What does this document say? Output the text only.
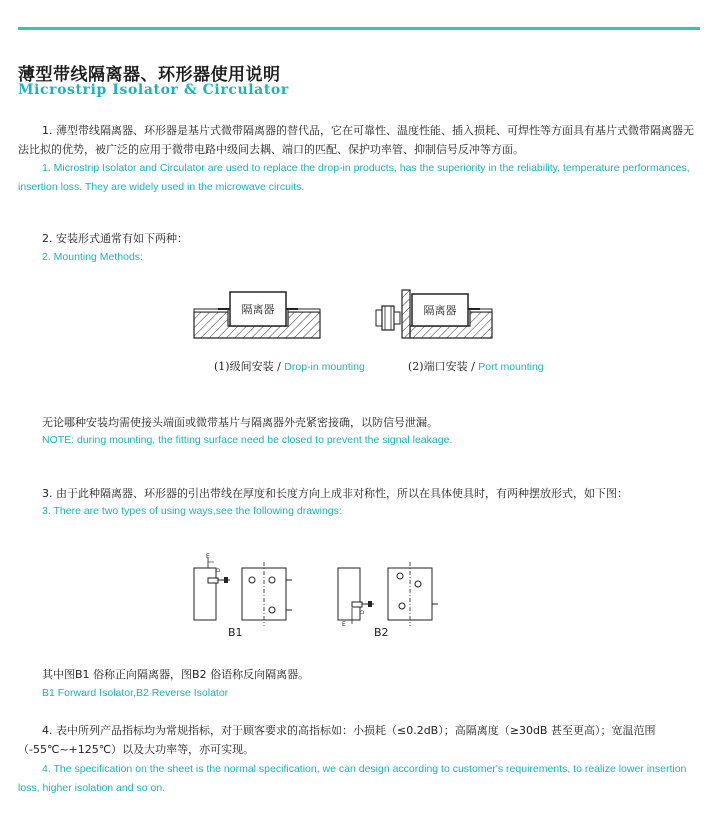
薄型带线隔离器、环形器使用说明
Microstrip Isolator & Circulator
1. 薄型带线隔离器、环形器是基片式微带隔离器的替代品，它在可靠性、温度性能、插入损耗、可焊性等方面具有基片式微带隔离器无法比拟的优势，被广泛的应用于微带电路中级间去耦、端口的匹配、保护功率管、抑制信号反冲等方面。
1. Microstrip Isolator and Circulator are used to replace the drop-in products, has the superiority in the reliability, temperature performances, insertion loss. They are widely used in the microwave circuits.
2. 安装形式通常有如下两种：
2. Mounting Methods:
隔离器	隔离器
(1)级间安装 / Drop-in mounting	(2)端口安装 / Port mounting
无论哪种安装均需使接头端面或微带基片与隔离器外壳紧密接确，以防信号泄漏。
NOTE: during mounting, the fitting surface need be closed to prevent the signal leakage.
3. 由于此种隔离器、环形器的引出带线在厚度和长度方向上成非对称性，所以在具体使具时，有两种摆放形式，如下图：
3. There are two types of using ways,see the following drawings:
E
D
B1
E
D
B2
其中图B1 俗称正向隔离器，图B2 俗语称反向隔离器。
B1 Forward Isolator,B2 Reverse Isolator
4. 表中所列产品指标均为常规指标，对于顾客要求的高指标如：小损耗（≤0.2dB）；高隔离度（≥30dB 甚至更高）；宽温范围（-55℃~+125℃）以及大功率等，亦可实现。
4. The specification on the sheet is the normal specification, we can design according to customer's requirements, to realize lower insertion loss, higher isolation and so on.
